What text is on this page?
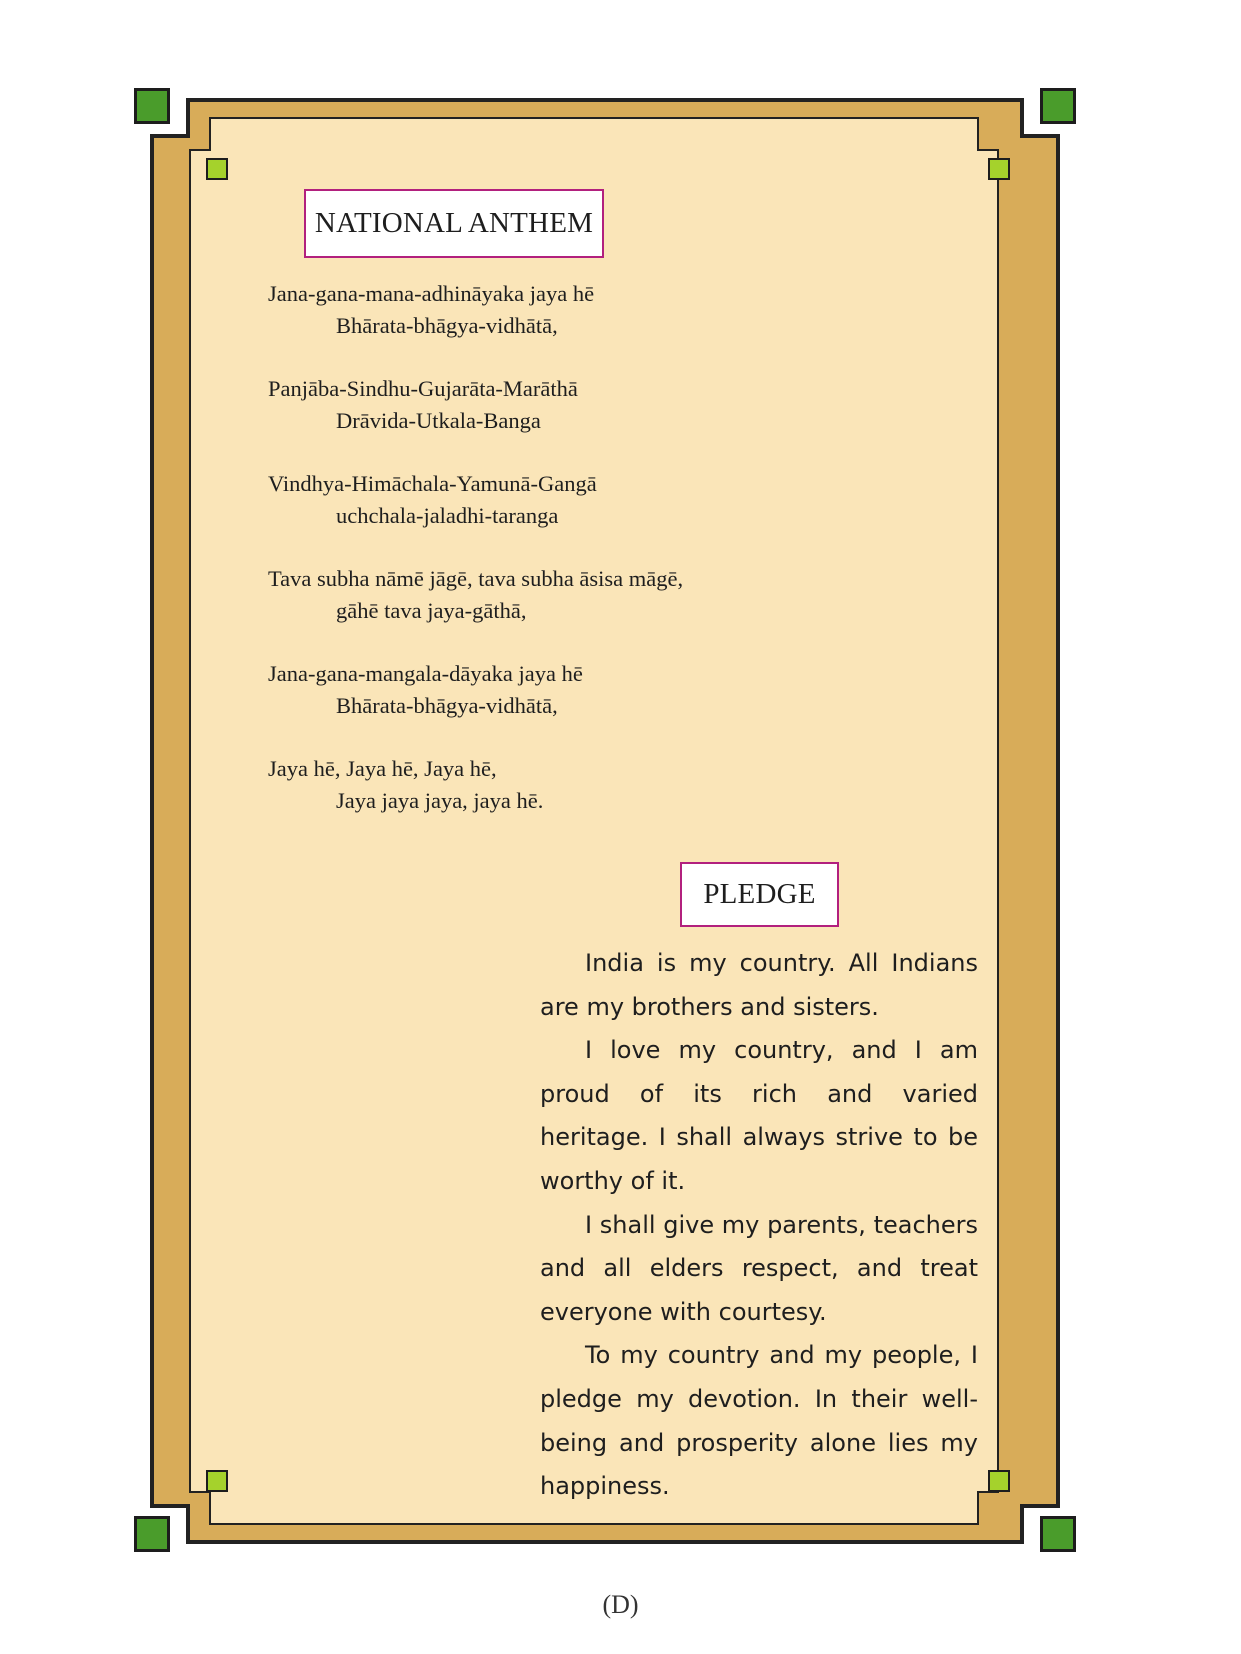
NATIONAL ANTHEM
Jana-gana-mana-adhināyaka jaya hē
Bhārata-bhāgya-vidhātā,
Panjāba-Sindhu-Gujarāta-Marāthā
Drāvida-Utkala-Banga
Vindhya-Himāchala-Yamunā-Gangā
uchchala-jaladhi-taranga
Tava subha nāmē jāgē, tava subha āsisa māgē,
gāhē tava jaya-gāthā,
Jana-gana-mangala-dāyaka jaya hē
Bhārata-bhāgya-vidhātā,
Jaya hē, Jaya hē, Jaya hē,
Jaya jaya jaya, jaya hē.
PLEDGE

India is my country. All Indians are my brothers and sisters.

I love my country, and I am proud of its rich and varied heritage. I shall always strive to be worthy of it.

I shall give my parents, teachers and all elders respect, and treat everyone with courtesy.

To my country and my people, I pledge my devotion. In their well-being and prosperity alone lies my happiness.

(D)
